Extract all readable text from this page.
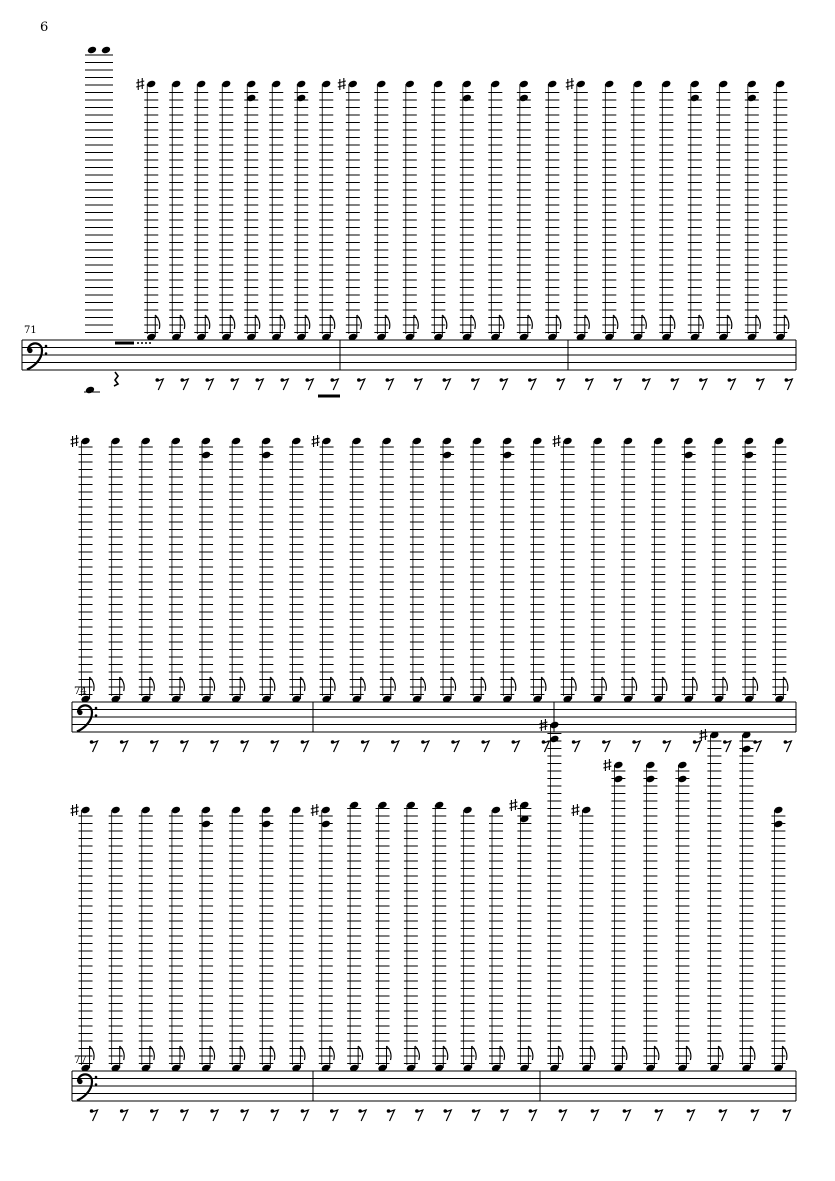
6
71
74
77
